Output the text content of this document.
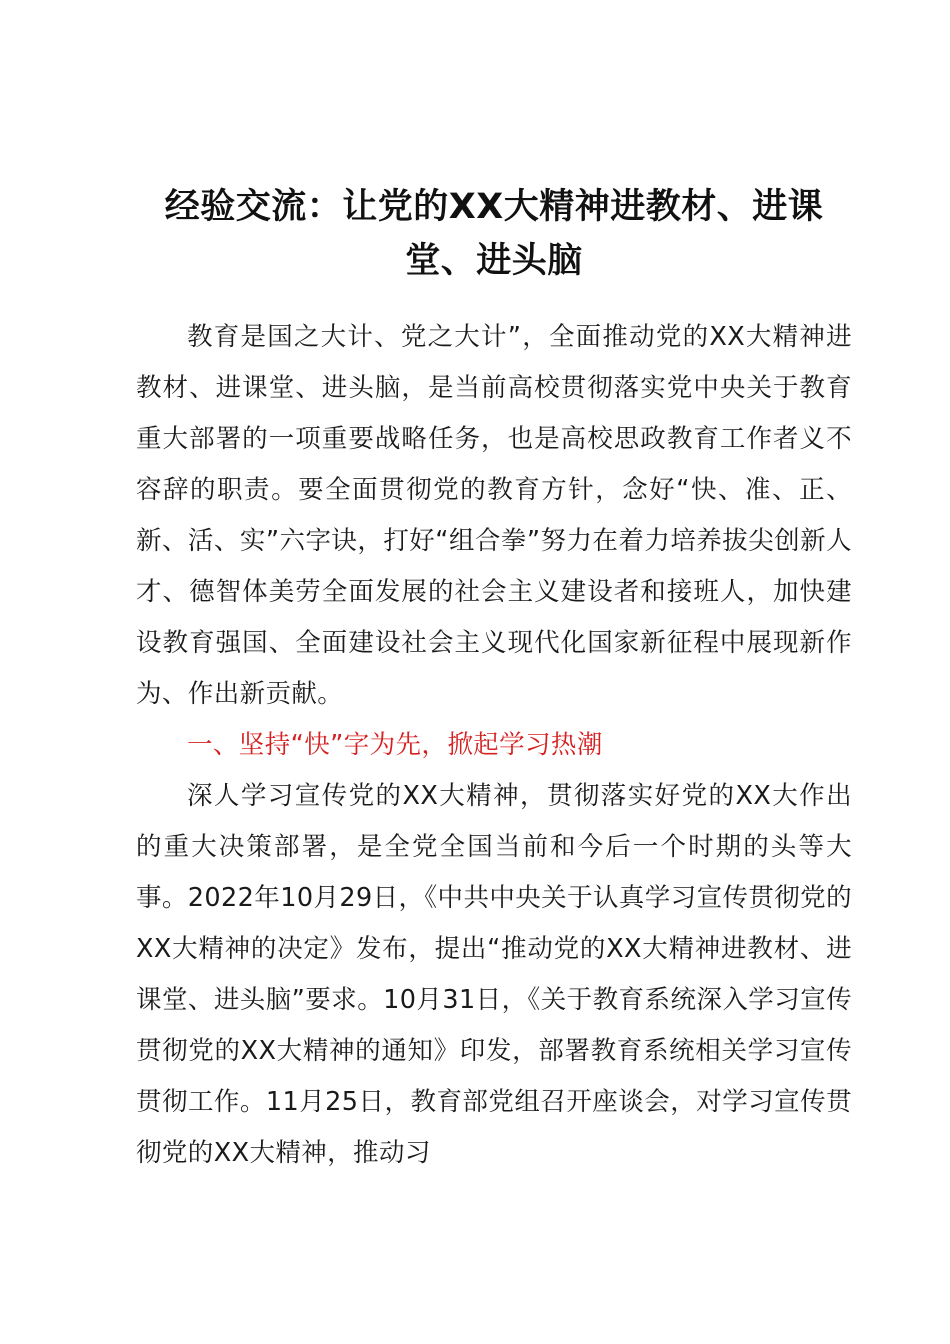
经验交流：让党的XX大精神进教材、进课堂、进头脑

教育是国之大计、党之大计”，全面推动党的XX大精神进教材、进课堂、进头脑，是当前高校贯彻落实党中央关于教育重大部署的一项重要战略任务，也是高校思政教育工作者义不容辞的职责。要全面贯彻党的教育方针，念好“快、准、正、新、活、实”六字诀，打好“组合拳”努力在着力培养拔尖创新人才、德智体美劳全面发展的社会主义建设者和接班人，加快建设教育强国、全面建设社会主义现代化国家新征程中展现新作为、作出新贡献。

一、坚持“快”字为先，掀起学习热潮

深人学习宣传党的XX大精神，贯彻落实好党的XX大作出的重大决策部署，是全党全国当前和今后一个时期的头等大事。2022年10月29日，《中共中央关于认真学习宣传贯彻党的XX大精神的决定》发布，提出“推动党的XX大精神进教材、进课堂、进头脑”要求。10月31日，《关于教育系统深入学习宣传贯彻党的XX大精神的通知》印发，部署教育系统相关学习宣传贯彻工作。11月25日，教育部党组召开座谈会，对学习宣传贯彻党的XX大精神，推动习
